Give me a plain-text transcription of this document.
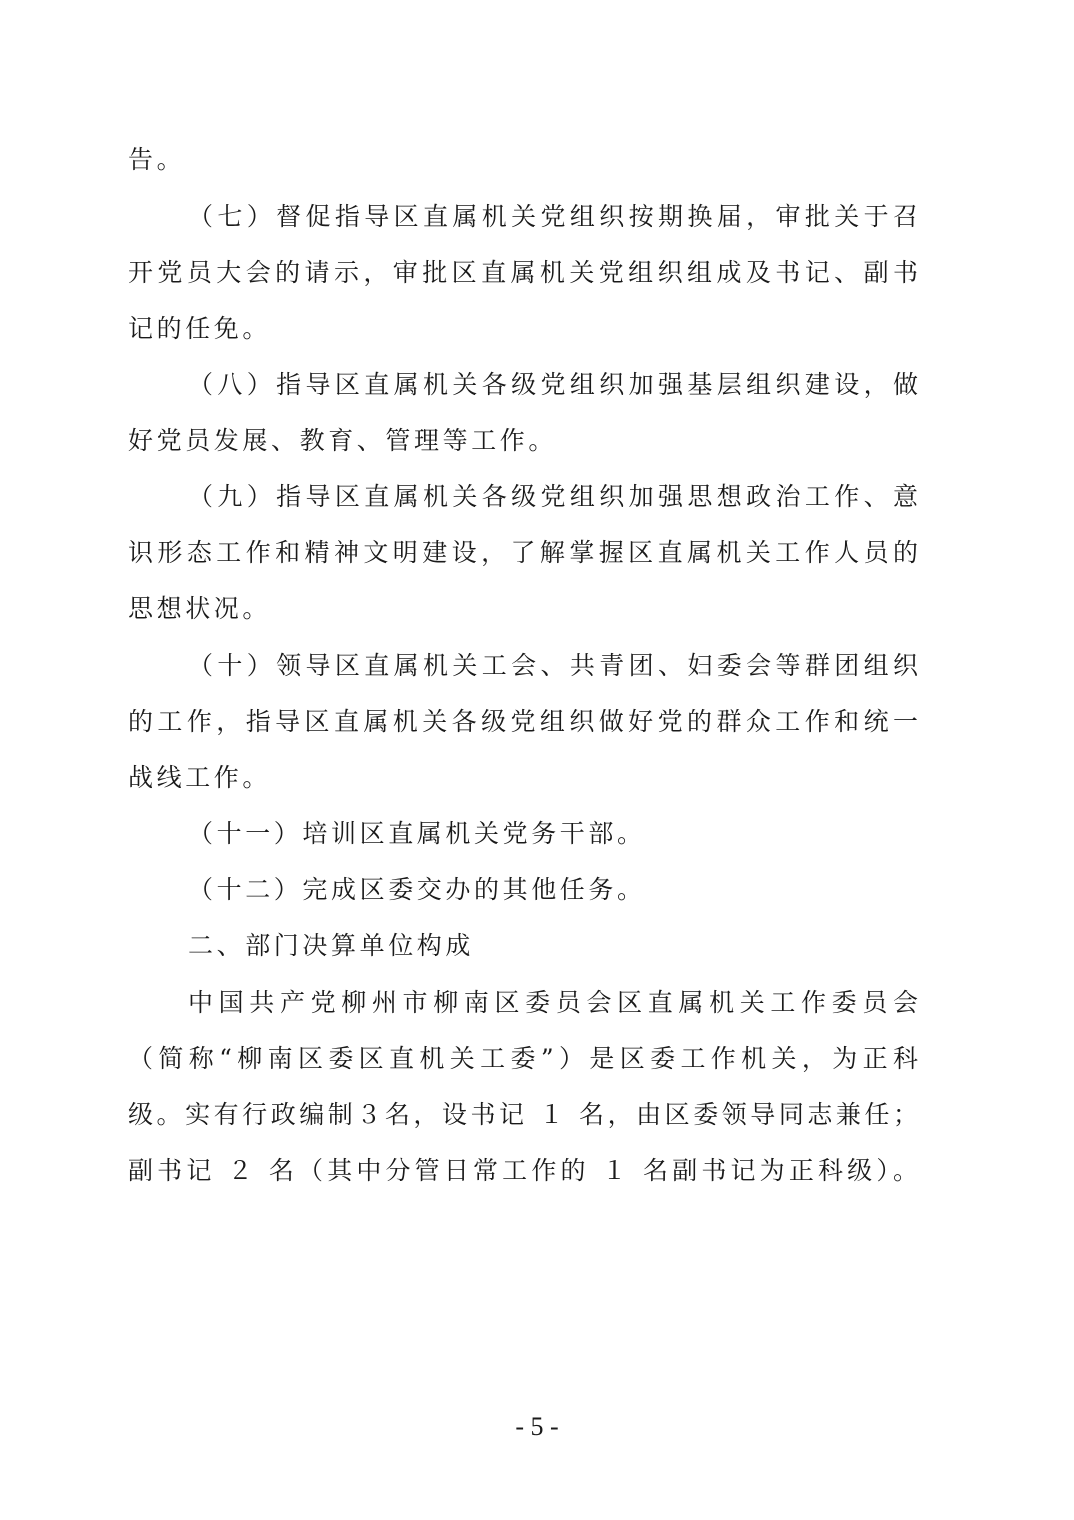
告。
（七）督促指导区直属机关党组织按期换届，审批关于召
开党员大会的请示，审批区直属机关党组织组成及书记、副书
记的任免。
（八）指导区直属机关各级党组织加强基层组织建设，做
好党员发展、教育、管理等工作。
（九）指导区直属机关各级党组织加强思想政治工作、意
识形态工作和精神文明建设，了解掌握区直属机关工作人员的
思想状况。
（十）领导区直属机关工会、共青团、妇委会等群团组织
的工作，指导区直属机关各级党组织做好党的群众工作和统一
战线工作。
（十一）培训区直属机关党务干部。
（十二）完成区委交办的其他任务。
二、部门决算单位构成
中国共产党柳州市柳南区委员会区直属机关工作委员会
（简称“柳南区委区直机关工委”）是区委工作机关，为正科
级。实有行政编制３名，设书记 １ 名，由区委领导同志兼任；
副书记 ２ 名（其中分管日常工作的 １ 名副书记为正科级）。
- 5 -
